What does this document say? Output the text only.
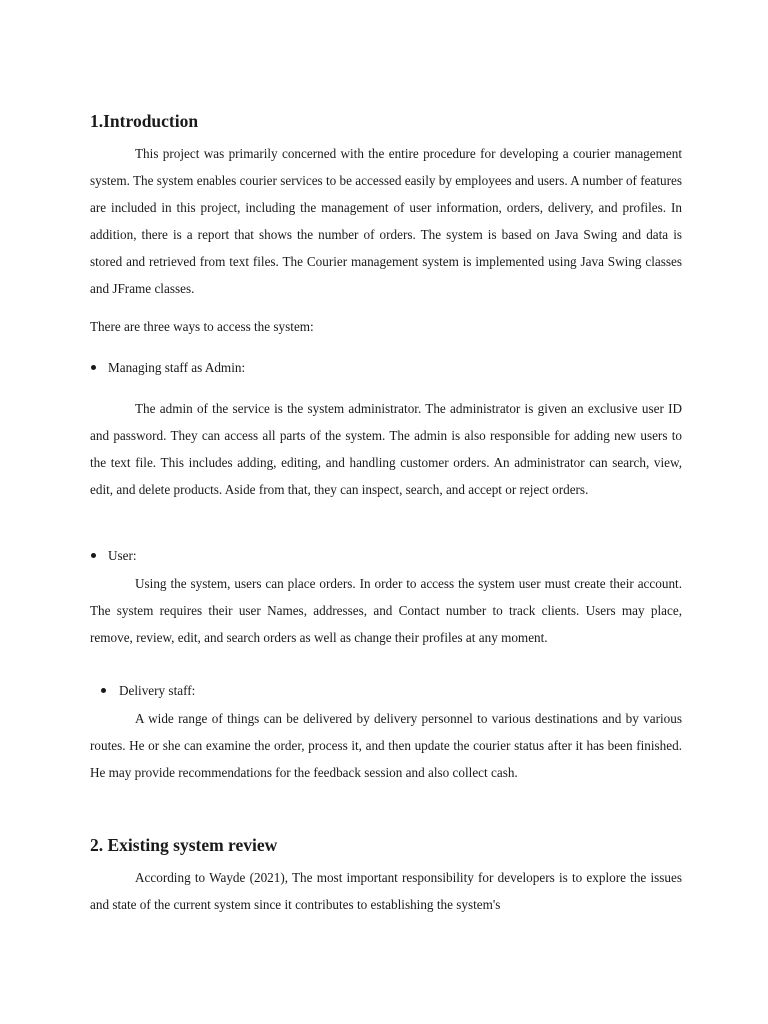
1.Introduction

This project was primarily concerned with the entire procedure for developing a courier management system. The system enables courier services to be accessed easily by employees and users. A number of features are included in this project, including the management of user information, orders, delivery, and profiles. In addition, there is a report that shows the number of orders. The system is based on Java Swing and data is stored and retrieved from text files. The Courier management system is implemented using Java Swing classes and JFrame classes.

There are three ways to access the system:

Managing staff as Admin:

The admin of the service is the system administrator. The administrator is given an exclusive user ID and password. They can access all parts of the system. The admin is also responsible for adding new users to the text file. This includes adding, editing, and handling customer orders. An administrator can search, view, edit, and delete products. Aside from that, they can inspect, search, and accept or reject orders.

User:

Using the system, users can place orders. In order to access the system user must create their account. The system requires their user Names, addresses, and Contact number to track clients. Users may place, remove, review, edit, and search orders as well as change their profiles at any moment.

Delivery staff:

A wide range of things can be delivered by delivery personnel to various destinations and by various routes. He or she can examine the order, process it, and then update the courier status after it has been finished. He may provide recommendations for the feedback session and also collect cash.

2. Existing system review

According to Wayde (2021), The most important responsibility for developers is to explore the issues and state of the current system since it contributes to establishing the system's
